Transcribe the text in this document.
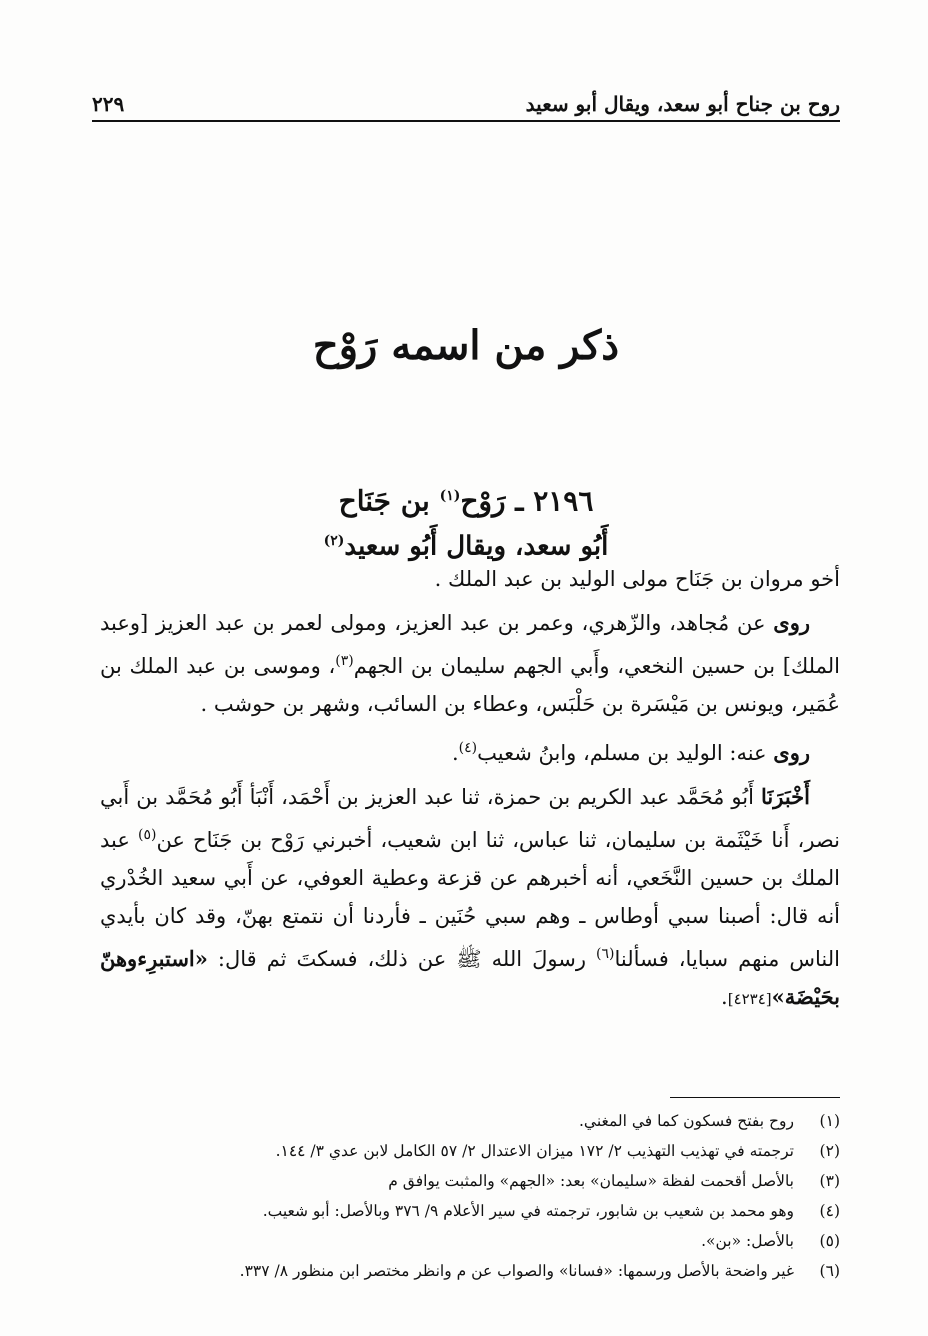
روح بن جناح أبو سعد، ويقال أبو سعيد
٢٢٩
ذكر من اسمه رَوْح
٢١٩٦ ـ رَوْح$^{(١)}$ بن جَنَاح
أَبُو سعد، ويقال أَبُو سعيد$^{(٢)}$

أخو مروان بن جَنَاح مولى الوليد بن عبد الملك .

روى عن مُجاهد، والزّهري، وعمر بن عبد العزيز، ومولى لعمر بن عبد العزيز [وعبد الملك] بن حسين النخعي، وأَبي الجهم سليمان بن الجهم$^{(٣)}$، وموسى بن عبد الملك بن عُمَير، ويونس بن مَيْسَرة بن حَلْبَس، وعطاء بن السائب، وشهر بن حوشب .

روى عنه: الوليد بن مسلم، وابنُ شعيب$^{(٤)}$.

أَخْبَرَنَا أَبُو مُحَمَّد عبد الكريم بن حمزة، ثنا عبد العزيز بن أَحْمَد، أَنْبَأ أَبُو مُحَمَّد بن أَبي نصر، أَنا خَيْثَمة بن سليمان، ثنا عباس، ثنا ابن شعيب، أخبرني رَوْح بن جَنَاح عن$^{(٥)}$ عبد الملك بن حسين النَّخَعي، أنه أخبرهم عن قزعة وعطية العوفي، عن أَبي سعيد الخُدْري أنه قال: أصبنا سبي أوطاس ـ وهم سبي حُنَين ـ فأردنا أن نتمتع بهنّ، وقد كان بأيدي الناس منهم سبايا، فسألنا$^{(٦)}$ رسولَ الله ﷺ عن ذلك، فسكتَ ثم قال: «استبرِءوهنّ بحَيْضَة»[٤٢٣٤].

(١)
روح بفتح فسكون كما في المغني.
(٢)
ترجمته في تهذيب التهذيب ٢/ ١٧٢ ميزان الاعتدال ٢/ ٥٧ الكامل لابن عدي ٣/ ١٤٤.
(٣)
بالأصل أقحمت لفظة «سليمان» بعد: «الجهم» والمثبت يوافق م
(٤)
وهو محمد بن شعيب بن شابور، ترجمته في سير الأعلام ٩/ ٣٧٦ وبالأصل: أبو شعيب.
(٥)
بالأصل: «بن».
(٦)
غير واضحة بالأصل ورسمها: «فسانا» والصواب عن م وانظر مختصر ابن منظور ٨/ ٣٣٧.
